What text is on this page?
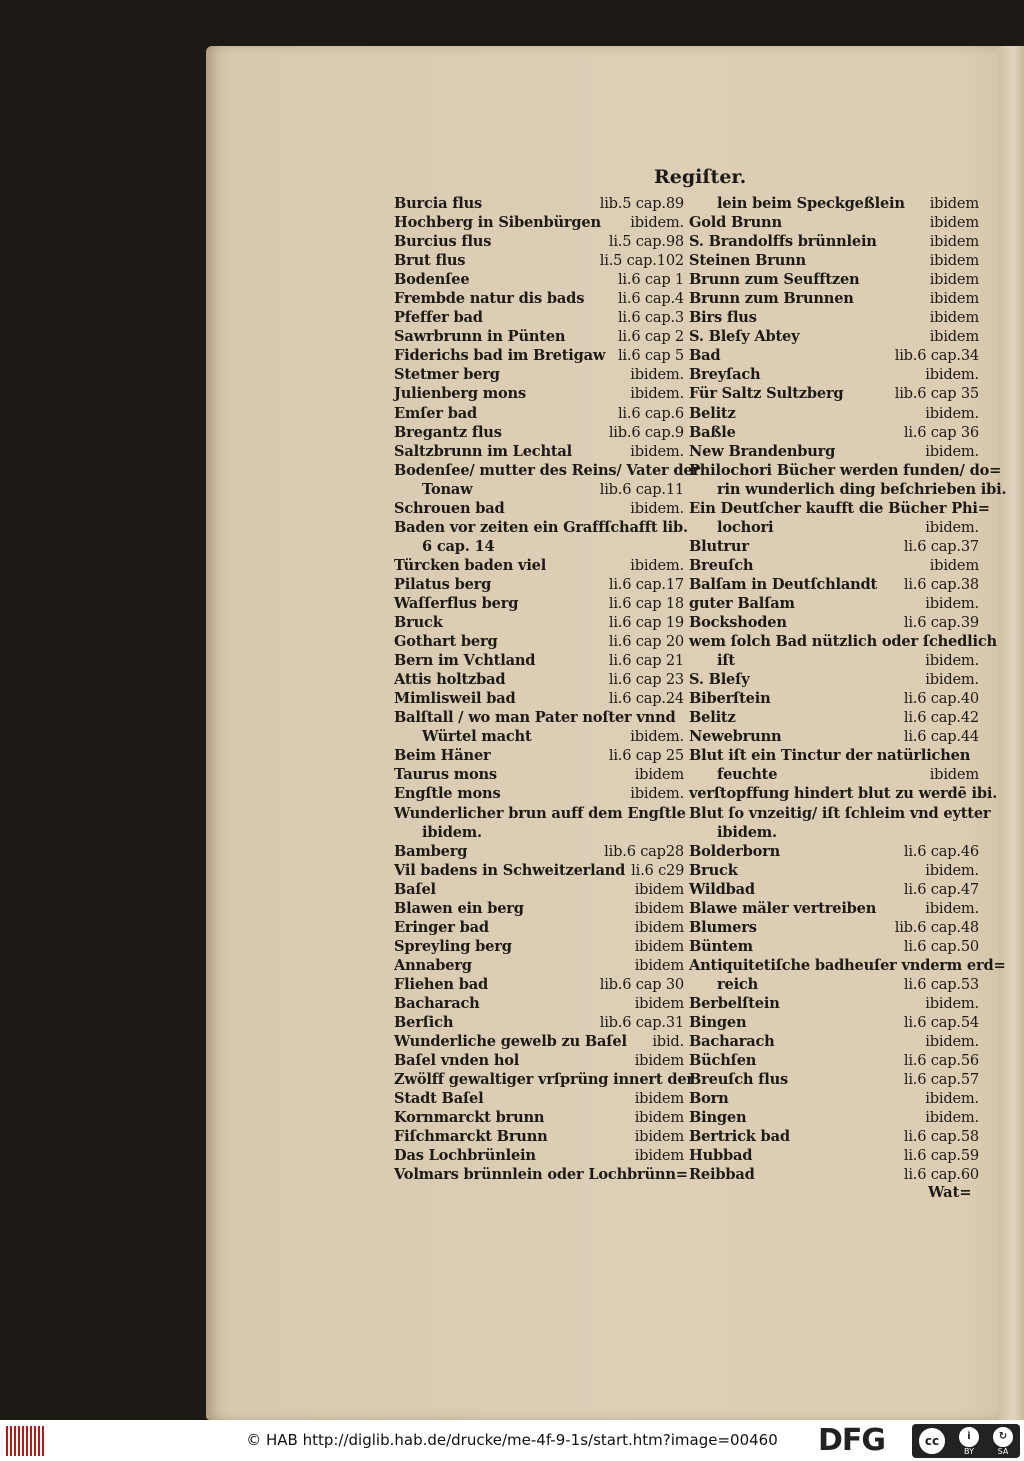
Regiſter.
Burcia flus	lib.5 cap.89
Hochberg in Sibenbürgen	ibidem.
Burcius flus	li.5 cap.98
Brut flus	li.5 cap.102
Bodenſee	li.6 cap 1
Frembde natur dis bads	li.6 cap.4
Pfeffer bad	li.6 cap.3
Sawrbrunn in Pünten	li.6 cap 2
Fiderichs bad im Bretigaw li.6 cap 5
Stetmer berg	ibidem.
Julienberg mons	ibidem.
Emſer bad	li.6 cap.6
Bregantz flus	lib.6 cap.9
Saltzbrunn im Lechtal	ibidem.
Bodenſee/ mutter des Reins/ Vater der
Tonaw	lib.6 cap.11
Schrouen bad	ibidem.
Baden vor zeiten ein Graffſchafft lib.
6 cap. 14
Türcken baden viel	ibidem.
Pilatus berg	li.6 cap.17
Waſſerflus berg	li.6 cap 18
Bruck	li.6 cap 19
Gothart berg	li.6 cap 20
Bern im Vchtland	li.6 cap 21
Attis holtzbad	li.6 cap 23
Mimlisweil bad	li.6 cap.24
Balſtall / wo man Pater noſter vnnd
Würtel macht	ibidem.
Beim Häner	li.6 cap 25
Taurus mons	ibidem
Engſtle mons	ibidem.
Wunderlicher brun auff dem Engſtle
ibidem.
Bamberg	lib.6 cap28
Vil badens in Schweitzerland li.6 c29
Baſel	ibidem
Blawen ein berg	ibidem
Eringer bad	ibidem
Spreyling berg	ibidem
Annaberg	ibidem
Fliehen bad	lib.6 cap 30
Bacharach	ibidem
Berſich	lib.6 cap.31
Wunderliche gewelb zu Baſel	ibid.
Baſel vnden hol	ibidem
Zwölff gewaltiger vrſprüng innert der
Stadt Baſel	ibidem
Kornmarckt brunn	ibidem
Fiſchmarckt Brunn	ibidem
Das Lochbrünlein	ibidem
Volmars brünnlein oder Lochbrünn=
lein beim Speckgeßlein	ibidem
Gold Brunn	ibidem
S. Brandolffs brünnlein	ibidem
Steinen Brunn	ibidem
Brunn zum Seufftzen	ibidem
Brunn zum Brunnen	ibidem
Birs flus	ibidem
S. Bleſy Abtey	ibidem
Bad	lib.6 cap.34
Breyſach	ibidem.
Für Saltz Sultzberg	lib.6 cap 35
Belitz	ibidem.
Baßle	li.6 cap 36
New Brandenburg	ibidem.
Philochori Bücher werden funden/ do=
rin wunderlich ding beſchrieben ibi.
Ein Deutſcher kaufft die Bücher Phi=
lochori	ibidem.
Blutrur	li.6 cap.37
Breuſch	ibidem
Balſam in Deutſchlandt	li.6 cap.38
guter Balſam	ibidem.
Bockshoden	li.6 cap.39
wem ſolch Bad nützlich oder ſchedlich
iſt	ibidem.
S. Bleſy	ibidem.
Biberſtein	li.6 cap.40
Belitz	li.6 cap.42
Newebrunn	li.6 cap.44
Blut iſt ein Tinctur der natürlichen
feuchte	ibidem
verſtopffung hindert blut zu werdē ibi.
Blut ſo vnzeitig/ iſt ſchleim vnd eytter
ibidem.
Bolderborn	li.6 cap.46
Bruck	ibidem.
Wildbad	li.6 cap.47
Blawe mäler vertreiben	ibidem.
Blumers	lib.6 cap.48
Büntem	li.6 cap.50
Antiquitetiſche badheuſer vnderm erd=
reich	li.6 cap.53
Berbelſtein	ibidem.
Bingen	li.6 cap.54
Bacharach	ibidem.
Büchſen	li.6 cap.56
Breuſch flus	li.6 cap.57
Born	ibidem.
Bingen	ibidem.
Bertrick bad	li.6 cap.58
Hubbad	li.6 cap.59
Reibbad	li.6 cap.60
Wat=
© HAB http://diglib.hab.de/drucke/me-4f-9-1s/start.htm?image=00460	DFG	cc	i
BY
↻
SA
